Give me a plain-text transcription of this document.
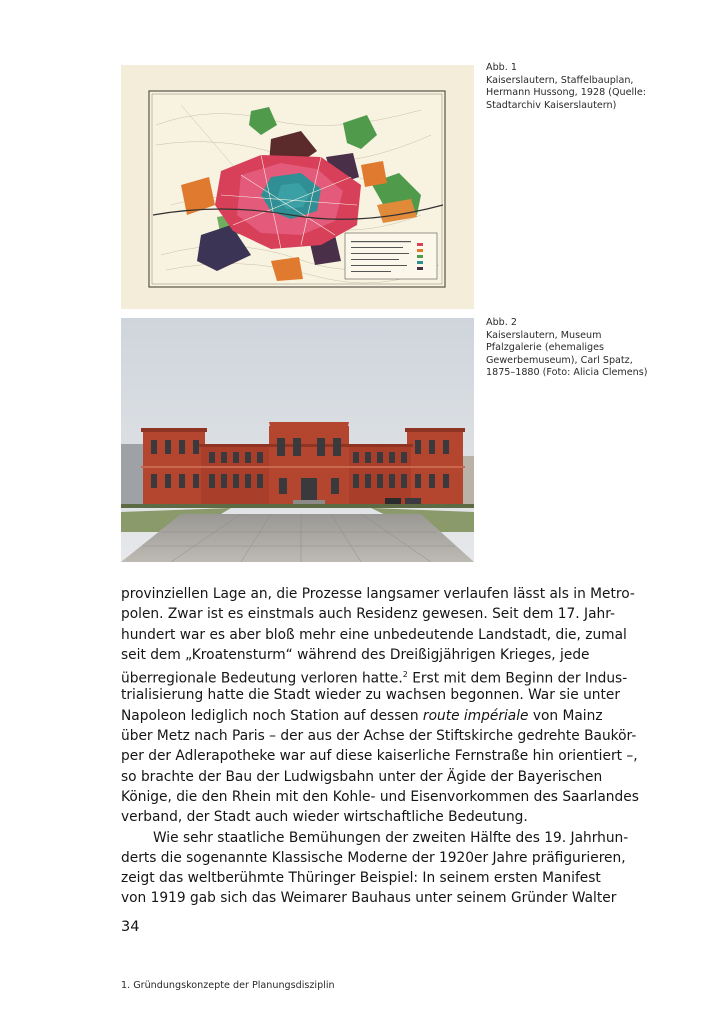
Abb. 1
Kaiserslautern, Staffelbauplan,
Hermann Hussong, 1928 (Quelle:
Stadtarchiv Kaiserslautern)
Abb. 2
Kaiserslautern, Museum
Pfalzgalerie (ehemaliges
Gewerbemuseum), Carl Spatz,
1875–1880 (Foto: Alicia Clemens)
provinziellen Lage an, die Prozesse langsamer verlaufen lässt als in Metro-
polen. Zwar ist es einstmals auch Residenz gewesen. Seit dem 17. Jahr-
hundert war es aber bloß mehr eine unbedeutende Landstadt, die, zumal
seit dem „Kroatensturm“ während des Dreißigjährigen Krieges, jede
überregionale Bedeutung verloren hatte.$^2$ Erst mit dem Beginn der Indus-
trialisierung hatte die Stadt wieder zu wachsen begonnen. War sie unter
Napoleon lediglich noch Station auf dessen route impériale von Mainz
über Metz nach Paris – der aus der Achse der Stiftskirche gedrehte Baukör-
per der Adlerapotheke war auf diese kaiserliche Fernstraße hin orientiert –,
so brachte der Bau der Ludwigsbahn unter der Ägide der Bayerischen
Könige, die den Rhein mit den Kohle- und Eisenvorkommen des Saarlandes
verband, der Stadt auch wieder wirtschaftliche Bedeutung.
Wie sehr staatliche Bemühungen der zweiten Hälfte des 19. Jahrhun-
derts die sogenannte Klassische Moderne der 1920er Jahre präfigurieren,
zeigt das weltberühmte Thüringer Beispiel: In seinem ersten Manifest
von 1919 gab sich das Weimarer Bauhaus unter seinem Gründer Walter
34
1. Gründungskonzepte der Planungsdisziplin
